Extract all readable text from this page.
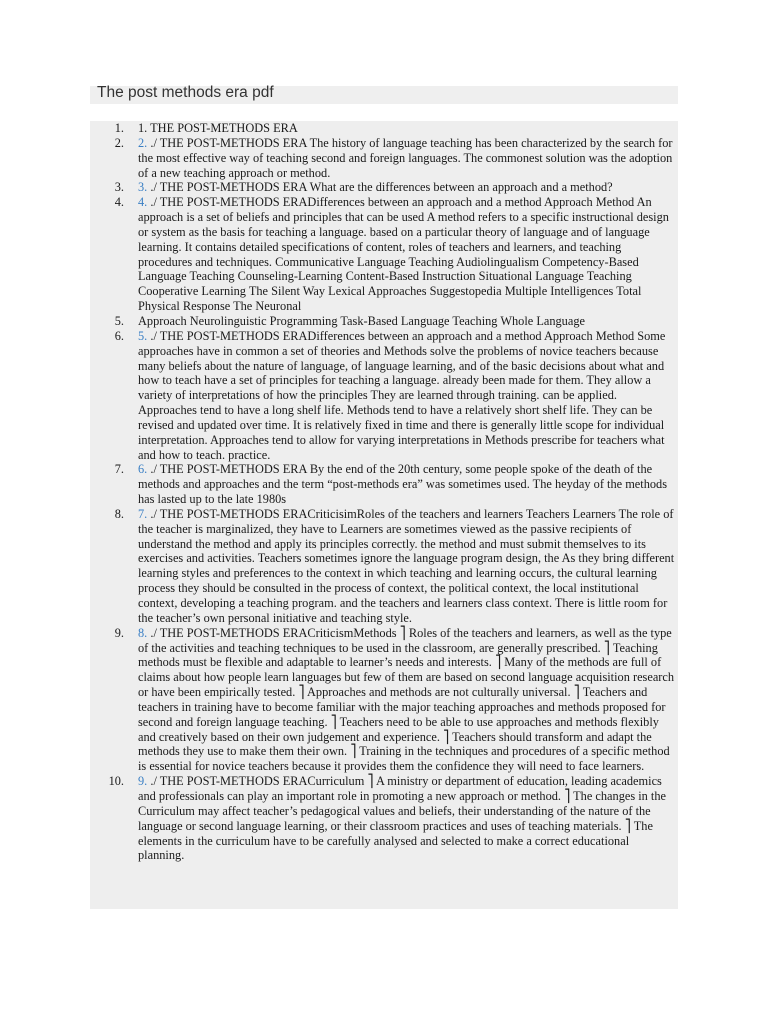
The post methods era pdf
1. 1. THE POST-METHODS ERA
2. 2. ./ THE POST-METHODS ERA The history of language teaching has been characterized by the search for the most effective way of teaching second and foreign languages. The commonest solution was the adoption of a new teaching approach or method.
3. 3. ./ THE POST-METHODS ERA What are the differences between an approach and a method?
4. 4. ./ THE POST-METHODS ERADifferences between an approach and a method Approach Method An approach is a set of beliefs and principles that can be used A method refers to a specific instructional design or system as the basis for teaching a language. based on a particular theory of language and of language learning. It contains detailed specifications of content, roles of teachers and learners, and teaching procedures and techniques. Communicative Language Teaching Audiolingualism Competency-Based Language Teaching Counseling-Learning Content-Based Instruction Situational Language Teaching Cooperative Learning The Silent Way Lexical Approaches Suggestopedia Multiple Intelligences Total Physical Response The Neuronal
5. Approach Neurolinguistic Programming Task-Based Language Teaching Whole Language
6. 5. ./ THE POST-METHODS ERADifferences between an approach and a method Approach Method Some approaches have in common a set of theories and Methods solve the problems of novice teachers because many beliefs about the nature of language, of language learning, and of the basic decisions about what and how to teach have a set of principles for teaching a language. already been made for them. They allow a variety of interpretations of how the principles They are learned through training. can be applied. Approaches tend to have a long shelf life. Methods tend to have a relatively short shelf life. They can be revised and updated over time. It is relatively fixed in time and there is generally little scope for individual interpretation. Approaches tend to allow for varying interpretations in Methods prescribe for teachers what and how to teach. practice.
7. 6. ./ THE POST-METHODS ERA By the end of the 20th century, some people spoke of the death of the methods and approaches and the term “post-methods era” was sometimes used. The heyday of the methods has lasted up to the late 1980s
8. 7. ./ THE POST-METHODS ERACriticisimRoles of the teachers and learners Teachers Learners The role of the teacher is marginalized, they have to Learners are sometimes viewed as the passive recipients of understand the method and apply its principles correctly. the method and must submit themselves to its exercises and activities. Teachers sometimes ignore the language program design, the As they bring different learning styles and preferences to the context in which teaching and learning occurs, the cultural learning process they should be consulted in the process of context, the political context, the local institutional context, developing a teaching program. and the teachers and learners class context. There is little room for the teacher’s own personal initiative and teaching style.
9. 8. ./ THE POST-METHODS ERACriticismMethods ⎤ Roles of the teachers and learners, as well as the type of the activities and teaching techniques to be used in the classroom, are generally prescribed. ⎤ Teaching methods must be flexible and adaptable to learner’s needs and interests. ⎤ Many of the methods are full of claims about how people learn languages but few of them are based on second language acquisition research or have been empirically tested. ⎤ Approaches and methods are not culturally universal. ⎤ Teachers and teachers in training have to become familiar with the major teaching approaches and methods proposed for second and foreign language teaching. ⎤ Teachers need to be able to use approaches and methods flexibly and creatively based on their own judgement and experience. ⎤ Teachers should transform and adapt the methods they use to make them their own. ⎤ Training in the techniques and procedures of a specific method is essential for novice teachers because it provides them the confidence they will need to face learners.
10. 9. ./ THE POST-METHODS ERACurriculum ⎤ A ministry or department of education, leading academics and professionals can play an important role in promoting a new approach or method. ⎤ The changes in the Curriculum may affect teacher’s pedagogical values and beliefs, their understanding of the nature of the language or second language learning, or their classroom practices and uses of teaching materials. ⎤ The elements in the curriculum have to be carefully analysed and selected to make a correct educational planning.
